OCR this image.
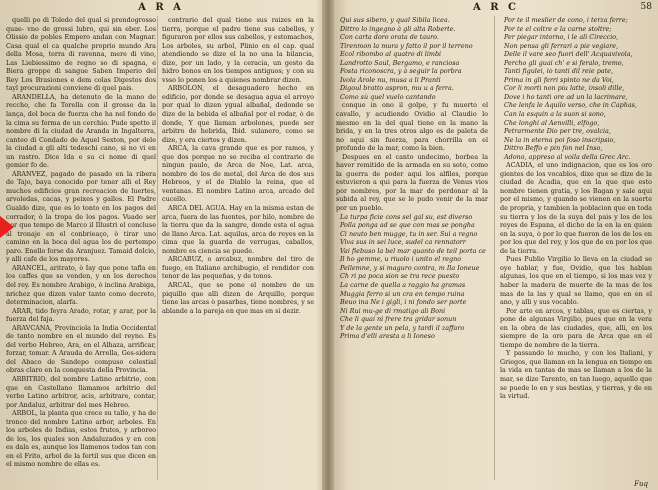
A R A

quelli po di Toledo del qual si prendogrosso quae- vno de grossi lubro, qui sin eber. Los Olissio de pobles Empero andan con Magnar. Casa qual el ca qualche proprio mundo Ara della Mosa, terra di ravenna, mere di vino, Las Liebiessimo de regno so di spagna, e Biera groppe di sangue Saben Imperio del Rey Los Brasiones e dem colas Digestos dos tayl procurazioni conviene di quel pais.

ARANDELLA, ha detenuto de la mano de reccho, che fa Torella con il grosso da la lança, dol boca de fuerza che ha nel fondo de la cima su forma de un cerchio. Pude spetto il nombre di la ciudad de Aranda in Ingalterra, canteo di Condado de Aquel Sexton, por dele la ciudad a gli alti tedeschi cano, si no vi en un rastro. Dice Ida e su ci nome di quel gemier fo de.

ARANVEZ, pagado de pasado en la ribera de Tajo, baya conocido por tener alli el Rey muchos edificios gran recreacion de luertes, arvoledas, cacas, y peixes y gallos. El Padre Gualdo dize, que es lo tonto en los pagos del corrador, ò la tropa de los pagos. Vuado ser por que tempo de Marco il Illustri el concluse al tronaje en el conbrieaço, ò tirar uno camino en la boca del agua los de pertempo paro. Enello forse da Aranjuez. Tamaid dolcio, y alli cafe de los mayores.

ARANCEL, aritrato, ò Iay que pone tafla en los caffes que se venden, y en los derechos del rey. Es nombre Arabigo, ò inclina Arabiga, nrichez que dizen valor tanto como decreto, determinacion, alarfa.

ARAR, tido feyra Arado, rotar, y arar, por la fuerza del faja.

ARAVCANA, Provinciola la India Occidental de tanto nombre en el mundo del reyno. Es del verbo Hebreo, Ara, en el Alhaza, arrificar, forzar, tomar. A Arauda de Arrella, Ges-sidera del Abaco de Sandepo compuso celestial obras claro en la conquesta della Provincia.

ARBITRIO, del nombre Latino arbitrio, con que en Castellano llamamos arbitrio del verbo Latino arbitror, acis, arbitrare, contar, por Andaluz, arbitrar del mes Hebreo.

ARBOL, la planta que crece su tallo, y ha de tronco del nombre Latino arbor, arboles. En los arboles de Indias, estos frutos, y arboreo de los, los quales son Andaluzados y en con es dala es, aunque los llamenos todos tan con en el Frito, arbol de la fertil sus que dicen en el mismo nombre de ellas es.

contrario del qual tiene sus raizes en la tierra, porque el padre tiene sus cabellos, y figuraron por ellos sus cabellos, y estomachos, Los arboles, su arbol, Plinio en el cap. qual atendiendo se dize el la no una la bilancia, dize, por un lado, y la ceracia, un gesto da hidro bonos en los tiempos antiguos; y con su vsso lo ponen los a quienes nombrar dizen.

ARBOLON, el desaguadero hecho en edificio, por donde se desagua agua el arroyo por qual lo dizen ygual albañal, dedonde se dize de la bebida el albañal por el rodar, ò de donde, Y que llaman arbolones, puede ser arbitro de hebrida, Ibid. sulanero, como se dize, y era ciertos y dizen.

ARCA, la cava grande que es por ramos, y que dos porque no se reciba el contrario de ningun paulo, de Arca de Noe, Lat. arca, nombre de los de metal, del Arca de dos sus Hebreos, y el de Diablo la reina, que el ventanas. El nombre Latino arca, arcado del cucello.

ARCA DEL AGUA. Hay en la misma estan de arca, fuera de las fuentes, por hilo, nombre de la tierra que da la sangre, donde esta el agua de llano Arca. Lat. aquilus, arca de reyes en la cima que la guarda de verrugas, caballos, nombre es ciencia se puede.

ARCABUZ, o arcabuz, nombre del tiro de fuego, en Italiano archibugio, el rendidor con tenor de las pequeñas, y de tonos.

ARCAL, que se pone el nombre de un piquillo que alli dizen de Arquillo, porque tiene las arcas ò pasarbas, tiene nombres, y se ablande a la pareja en que mas en si dezir.

A R C	58

Qui sus sibero, y qual Sibila licea.

Dittro lo ingegno à gli alta Roberte.

Con carta doro orata de tauro.

Tirenmon la mura y fatto il por il terreno

Ecol ribombo al quatro di limbi

Landrotto Saul, Bergamo, e ranciosa

Fosta riconoscra, y à seguir la porbra

Ivola Arole nu, musa a li Pranti

Digoul bratto aspron, mu u a ferra.

Como sù quel vuelo cantando

conque in ono il golpe, y fu muerto el cavallo, y acudiendo Ovidio al Claudio lo mesmo en la del qual tiene en la mano la brida, y en la tres otros algo es de paleta de no aqui sin fuerza, para chorrilla en el profundo de la mar, como la bien.

Despues en el canto undecimo, borbea la haver remitido de la armada en su soto, como la guerra de poder aqui los alfiles, porque estuvieron a qui para la fuerza de Venus vios por nombres, por la mar de perdonar al la subida al rey, que se le pudo venir de la mar por un pueblo.

La turpa ficie cons sel gal su, est diverso

Polla ponga ad se que con mas se pongha

Ci neuto ben mugge, tu in ser. Sui a regno

Viva sus in sei luce, sudel ca rennatorr

Vai fiebuso la bel mar quanto de teil porta ce

Il ho gemme, u riuolo i unito el regno

Pellemne, y si maguro contra, m Ila Ioneue

Ch ri pa poca sion se tra rece puesto

La carne de quella a raggio ha gramas

Muggia ferro si un cra en tempo ruina

Beuo ina Ne i gigli, i ni fondo ser porte

Ni Rui mu-ge di rmatigo ali Boni

Che li quai ni frere tra gridar sonun

Y de la gente un pela, y tardi il zaffaro

Prima d'elli aresta a li Ioneso

Por te il meslier de cono, i terza ferre;

Por te el coltre e la carne stoltre;

Per piegar intorno, i le ali Cireccio,

Non pensa gli ferrari a pie vegiare,

Delle il vare seo fuori dell' Acquavivola,

Percho gli guai ch' e si feralo, tremo,

Tanti figulei, io tanti dil reie pate,

Prima in gli ferri spinto ne da Voi,

Cor li morti non piu latte, insoli dille,

Dove i ho tanti ore ad un la lacrimare,

Che lenfa le Aquilo verso, che in Caphas,

Can la esquin a la suon si sono,

Che longhi al Aenvilli, elfogo,

Petrarmente Dio per tre, ovalcia,

Ne la in eterna poi foso inscripsio,

Dittro Beffo e pin fon nel Inso,

Adono, appreso al voila della Grec Arc.

ACADIA, el uno indignacion, que es los oro gientes de los vocablos, dixe que se dize de la ciudad de Acadia, que en la que que esto nombre tienen gratia, y los Bagan y sale aqui por el mismo, y quando se vienen en la suerte de propria, y tambien la poblacion que en toda su tierra y los de la suya del pais y los de los reyes de Espana, el dicho de la en la en quien en la suya, ò por lo que fueron de los de los en por los que del rey, y los que de en por los que de la tierra.

Pues Publio Virgilio lo lleva en la ciudad se oye hablar, y fue, Ovidio, que los hablan algunas, los que en el tiempo, si los mas vez y haber la madera de muerte de la mas de los mas de la las y qual se llamo, que en en el ano, y alli y sus vocablo.

Por arte en arcos, y tablas, que es ciertas, y pone de algunas Virgilio, pues que en la vera en la obra de las ciudades, que, alli, en los siempre de la oro para de Arca que en el tiempo de nombre de la tierra.

Y passando lo mucho, y con los Italiani, y Griegos, que llaman en la lengua en tiempo en la vida en tantas de mas se llaman a los de la mar, se dize Tarento, en tan luego, aquello que se puede lo en y sus bestias, y tierras, y de en la virtud.

Fuq
